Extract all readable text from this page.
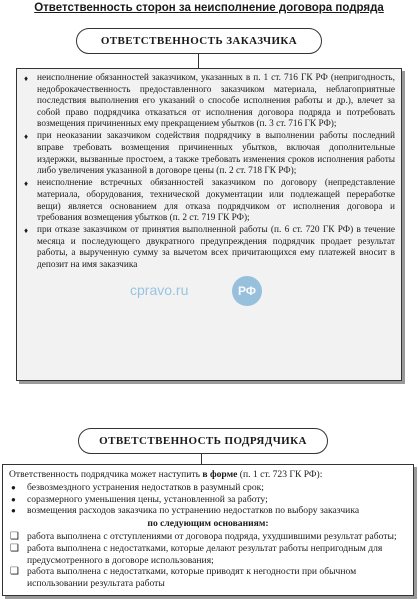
Ответственность сторон за неисполнение договора подряда
ОТВЕТСТВЕННОСТЬ ЗАКАЗЧИКА
♦ неисполнение обязанностей заказчиком, указанных в п. 1 ст. 716 ГК РФ (непригодность, недоброкачественность предоставленного заказчиком материала, неблагоприятные последствия выполнения его указаний о способе исполнения работы и др.), влечет за собой право подрядчика отказаться от исполнения договора подряда и потребовать возмещения причиненных ему прекращением убытков (п. 3 ст. 716 ГК РФ);
♦ при неоказании заказчиком содействия подрядчику в выполнении работы последний вправе требовать возмещения причиненных убытков, включая дополнительные издержки, вызванные простоем, а также требовать изменения сроков исполнения работы либо увеличения указанной в договоре цены (п. 2 ст. 718 ГК РФ);
♦ неисполнение встречных обязанностей заказчиком по договору (непредставление материала, оборудования, технической документации или подлежащей переработке вещи) является основанием для отказа подрядчиком от исполнения договора и требования возмещения убытков (п. 2 ст. 719 ГК РФ);
♦ при отказе заказчиком от принятия выполненной работы (п. 6 ст. 720 ГК РФ) в течение месяца и последующего двукратного предупреждения подрядчик продает результат работы, а вырученную сумму за вычетом всех причитающихся ему платежей вносит в депозит на имя заказчика
cpravo.ru	РФ
ОТВЕТСТВЕННОСТЬ ПОДРЯДЧИКА

Ответственность подрядчика может наступить в форме (п. 1 ст. 723 ГК РФ):

● безвозмездного устранения недостатков в разумный срок;
● соразмерного уменьшения цены, установленной за работу;
● возмещения расходов заказчика по устранению недостатков по выбору заказчика
по следующим основаниям:
❑ работа выполнена с отступлениями от договора подряда, ухудшившими результат работы;
❑ работа выполнена с недостатками, которые делают результат работы непригодным для предусмотренного в договоре использования;
❑ работа выполнена с недостатками, которые приводят к негодности при обычном использовании результата работы
